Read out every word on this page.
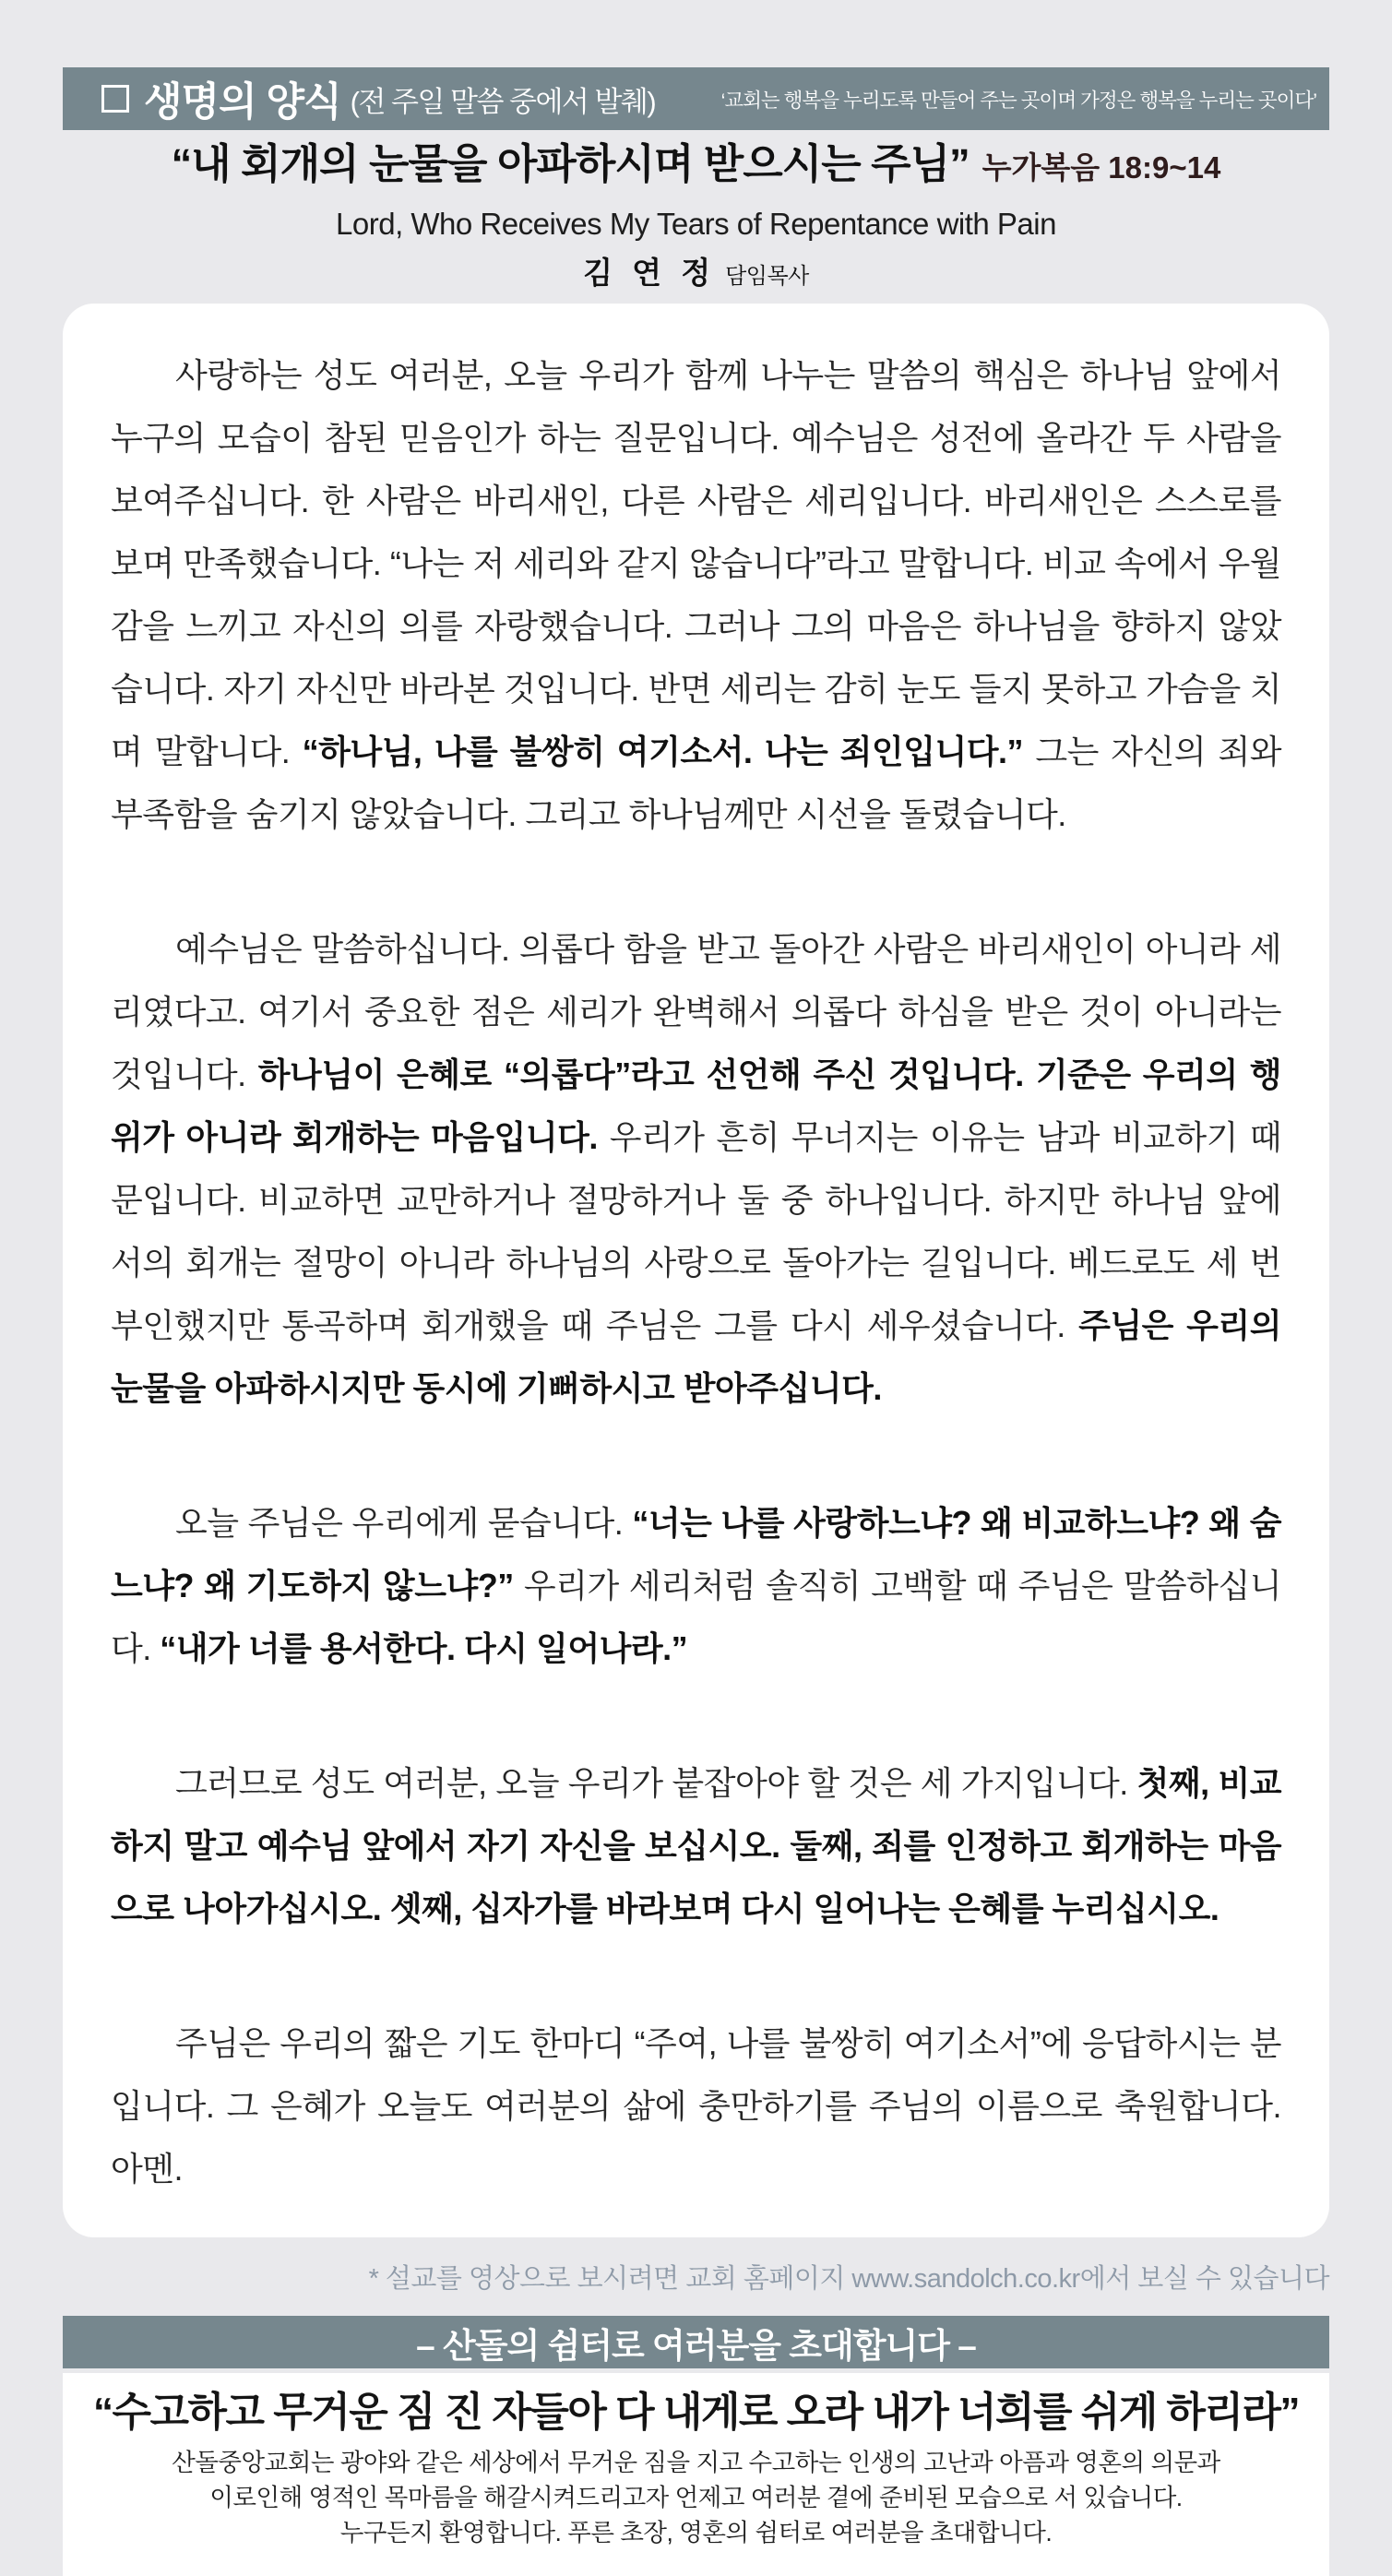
생명의 양식 (전 주일 말씀 중에서 발췌)	‘교회는 행복을 누리도록 만들어 주는 곳이며 가정은 행복을 누리는 곳이다’
“내 회개의 눈물을 아파하시며 받으시는 주님” 누가복음 18:9~14
Lord, Who Receives My Tears of Repentance with Pain
김 연 정 담임목사

사랑하는 성도 여러분, 오늘 우리가 함께 나누는 말씀의 핵심은 하나님 앞에서 누구의 모습이 참된 믿음인가 하는 질문입니다. 예수님은 성전에 올라간 두 사람을 보여주십니다. 한 사람은 바리새인, 다른 사람은 세리입니다. 바리새인은 스스로를 보며 만족했습니다. “나는 저 세리와 같지 않습니다”라고 말합니다. 비교 속에서 우월감을 느끼고 자신의 의를 자랑했습니다. 그러나 그의 마음은 하나님을 향하지 않았습니다. 자기 자신만 바라본 것입니다. 반면 세리는 감히 눈도 들지 못하고 가슴을 치며 말합니다. “하나님, 나를 불쌍히 여기소서. 나는 죄인입니다.” 그는 자신의 죄와 부족함을 숨기지 않았습니다. 그리고 하나님께만 시선을 돌렸습니다.

예수님은 말씀하십니다. 의롭다 함을 받고 돌아간 사람은 바리새인이 아니라 세리였다고. 여기서 중요한 점은 세리가 완벽해서 의롭다 하심을 받은 것이 아니라는 것입니다. 하나님이 은혜로 “의롭다”라고 선언해 주신 것입니다. 기준은 우리의 행위가 아니라 회개하는 마음입니다. 우리가 흔히 무너지는 이유는 남과 비교하기 때문입니다. 비교하면 교만하거나 절망하거나 둘 중 하나입니다. 하지만 하나님 앞에서의 회개는 절망이 아니라 하나님의 사랑으로 돌아가는 길입니다. 베드로도 세 번 부인했지만 통곡하며 회개했을 때 주님은 그를 다시 세우셨습니다. 주님은 우리의 눈물을 아파하시지만 동시에 기뻐하시고 받아주십니다.

오늘 주님은 우리에게 묻습니다. “너는 나를 사랑하느냐? 왜 비교하느냐? 왜 숨느냐? 왜 기도하지 않느냐?” 우리가 세리처럼 솔직히 고백할 때 주님은 말씀하십니다. “내가 너를 용서한다. 다시 일어나라.”

그러므로 성도 여러분, 오늘 우리가 붙잡아야 할 것은 세 가지입니다. 첫째, 비교하지 말고 예수님 앞에서 자기 자신을 보십시오. 둘째, 죄를 인정하고 회개하는 마음으로 나아가십시오. 셋째, 십자가를 바라보며 다시 일어나는 은혜를 누리십시오.

주님은 우리의 짧은 기도 한마디 “주여, 나를 불쌍히 여기소서”에 응답하시는 분입니다. 그 은혜가 오늘도 여러분의 삶에 충만하기를 주님의 이름으로 축원합니다. 아멘.

* 설교를 영상으로 보시려면 교회 홈페이지 www.sandolch.co.kr에서 보실 수 있습니다
– 산돌의 쉼터로 여러분을 초대합니다 –
“수고하고 무거운 짐 진 자들아 다 내게로 오라 내가 너희를 쉬게 하리라”
산돌중앙교회는 광야와 같은 세상에서 무거운 짐을 지고 수고하는 인생의 고난과 아픔과 영혼의 의문과
이로인해 영적인 목마름을 해갈시켜드리고자 언제고 여러분 곁에 준비된 모습으로 서 있습니다.
누구든지 환영합니다. 푸른 초장, 영혼의 쉼터로 여러분을 초대합니다.
